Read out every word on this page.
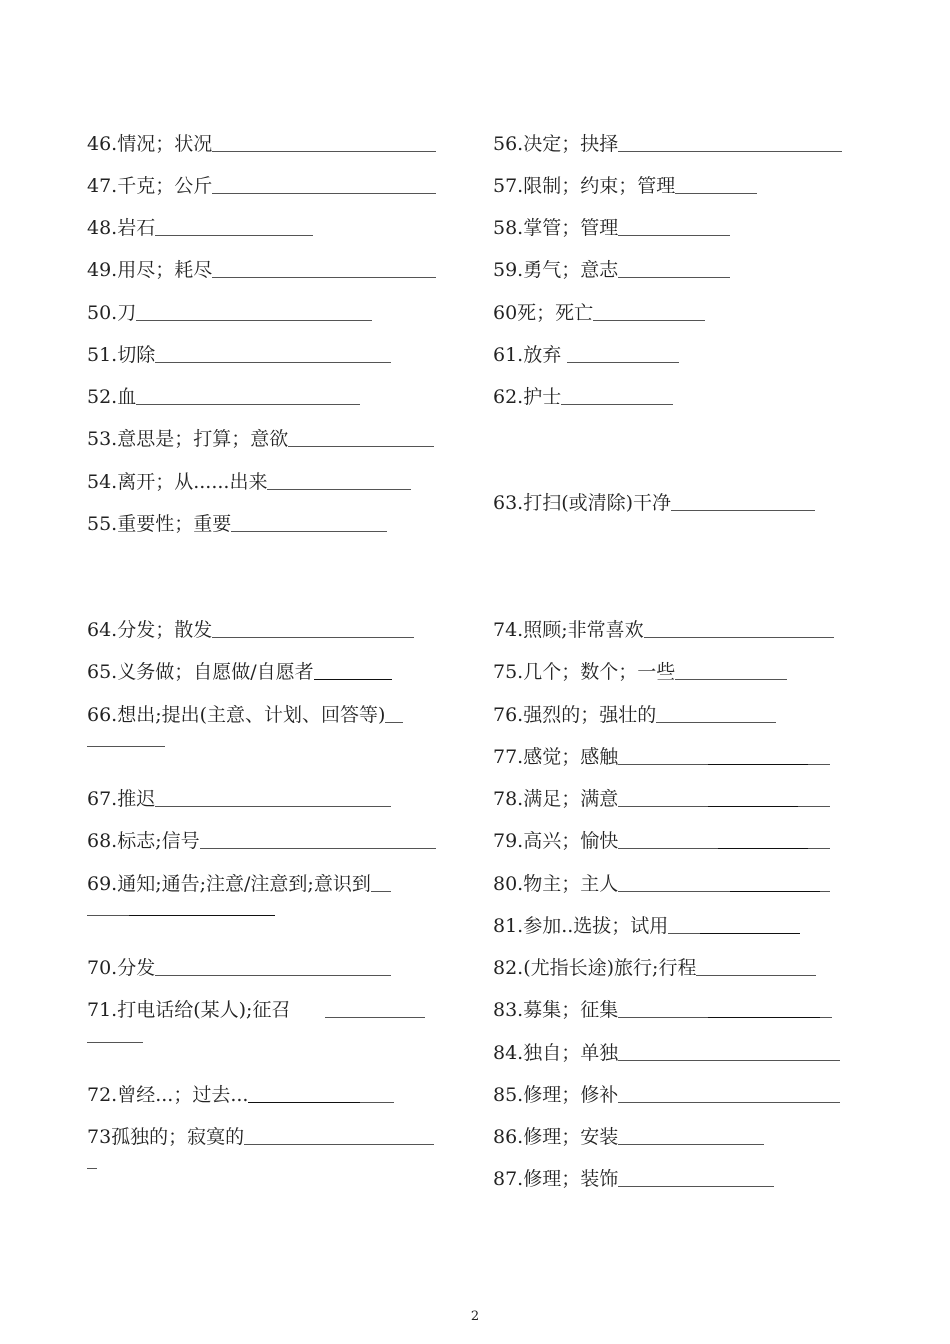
46.情况；状况
47.千克；公斤
48.岩石
49.用尽；耗尽
50.刀
51.切除
52.血
53.意思是；打算；意欲
54.离开；从......出来
55.重要性；重要
56.决定；抉择
57.限制；约束；管理
58.掌管；管理
59.勇气；意志
60死；死亡
61.放弃
62.护士
63.打扫(或清除)干净
64.分发；散发
65.义务做；自愿做/自愿者
66.想出;提出(主意、计划、回答等)
67.推迟
68.标志;信号
69.通知;通告;注意/注意到;意识到
70.分发
71.打电话给(某人);征召　
72.曾经...；过去...
73孤独的；寂寞的
74.照顾;非常喜欢
75.几个；数个；一些
76.强烈的；强壮的
77.感觉；感触
78.满足；满意
79.高兴；愉快
80.物主；主人
81.参加..选拔；试用
82.(尤指长途)旅行;行程
83.募集；征集
84.独自；单独
85.修理；修补
86.修理；安装
87.修理；装饰
2
